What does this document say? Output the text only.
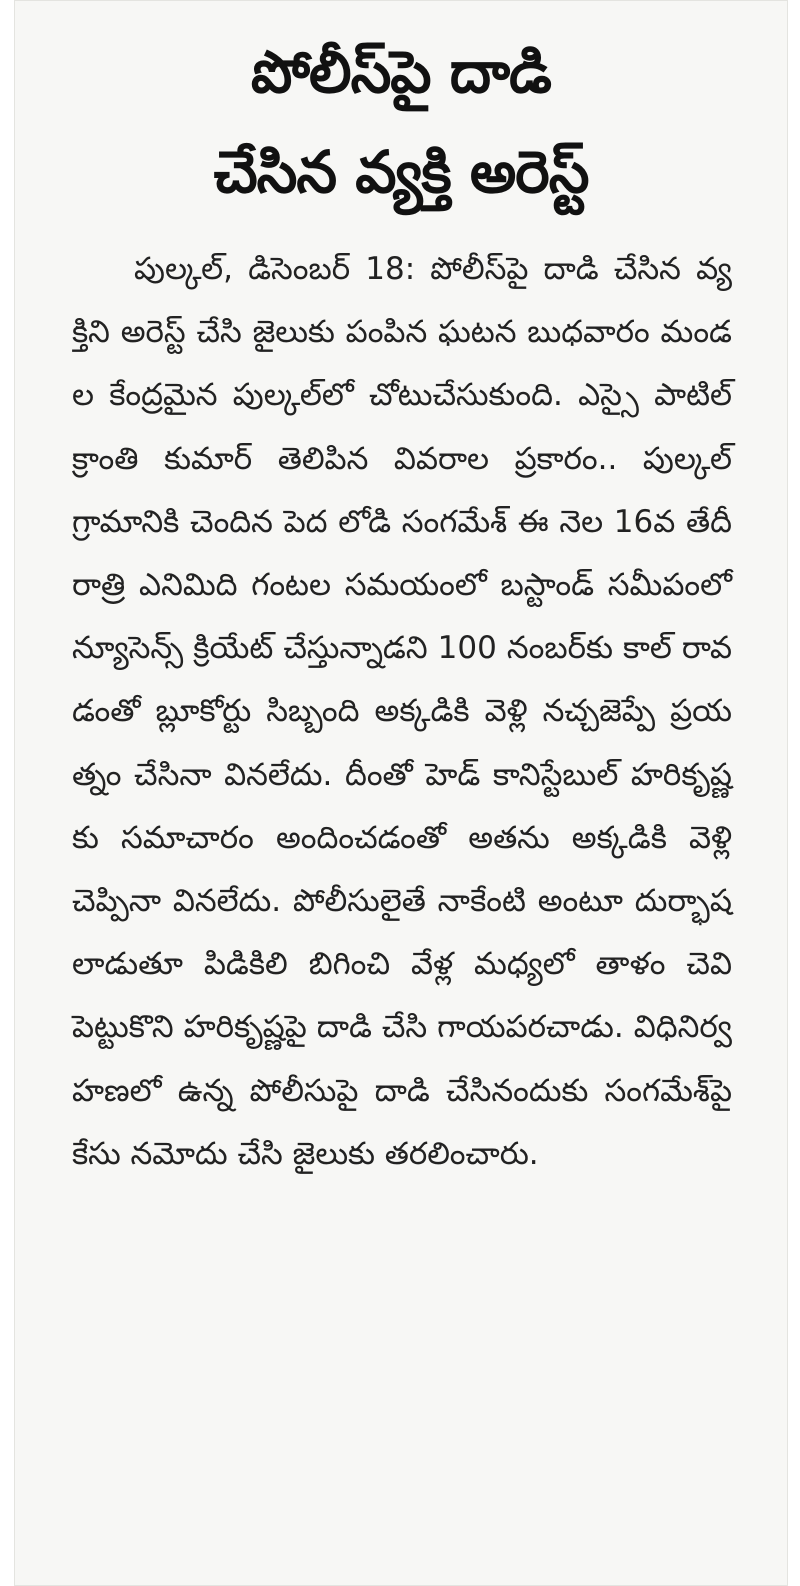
పోలీస్‌పై దాడి
చేసిన వ్యక్తి అరెస్ట్

పుల్కల్, డిసెంబర్ 18: పోలీస్‌పై దాడి చేసిన వ్యక్తిని అరెస్ట్ చేసి జైలుకు పంపిన ఘటన బుధవారం మండల కేంద్రమైన పుల్కల్‌లో చోటుచేసుకుంది. ఎస్సై పాటిల్ క్రాంతి కుమార్ తెలిపిన వివరాల ప్రకారం.. పుల్కల్ గ్రామానికి చెందిన పెద లోడి సంగమేశ్ ఈ నెల 16వ తేదీ రాత్రి ఎనిమిది గంటల సమయంలో బస్టాండ్ సమీపంలో న్యూసెన్స్ క్రియేట్ చేస్తున్నాడని 100 నంబర్‌కు కాల్ రావడంతో బ్లూకోర్టు సిబ్బంది అక్కడికి వెళ్లి నచ్చజెప్పే ప్రయత్నం చేసినా వినలేదు. దీంతో హెడ్ కానిస్టేబుల్ హరికృష్ణకు సమాచారం అందించడంతో అతను అక్కడికి వెళ్లి చెప్పినా వినలేదు. పోలీసులైతే నాకేంటి అంటూ దుర్భాషలాడుతూ పిడికిలి బిగించి వేళ్ల మధ్యలో తాళం చెవి పెట్టుకొని హరికృష్ణపై దాడి చేసి గాయపరచాడు. విధినిర్వహణలో ఉన్న పోలీసుపై దాడి చేసినందుకు సంగమేశ్‌పై కేసు నమోదు చేసి జైలుకు తరలించారు.
